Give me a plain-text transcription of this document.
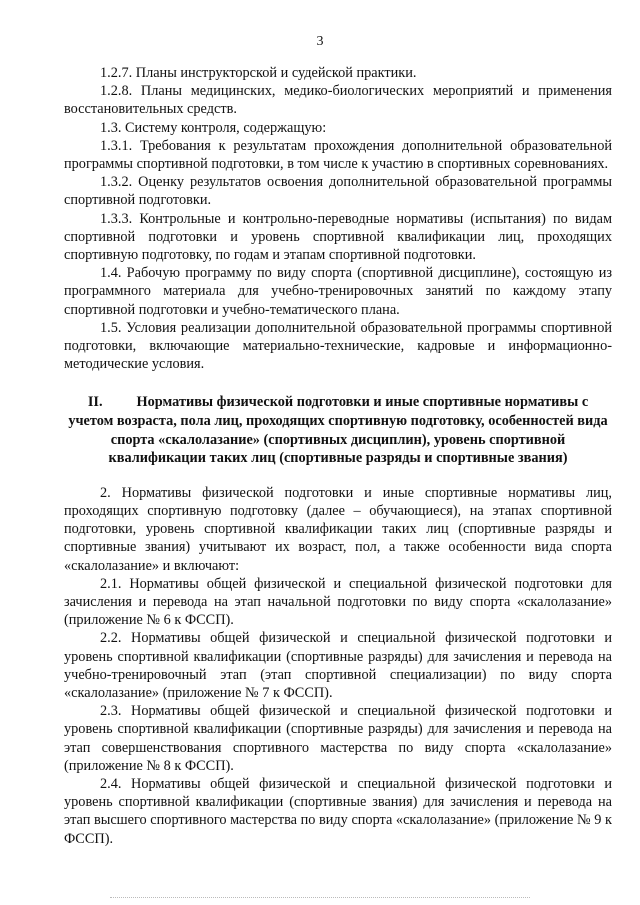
3

1.2.7. Планы инструкторской и судейской практики.

1.2.8. Планы медицинских, медико-биологических мероприятий и применения восстановительных средств.

1.3. Систему контроля, содержащую:

1.3.1. Требования к результатам прохождения дополнительной образовательной программы спортивной подготовки, в том числе к участию в спортивных соревнованиях.

1.3.2. Оценку результатов освоения дополнительной образовательной программы спортивной подготовки.

1.3.3. Контрольные и контрольно-переводные нормативы (испытания) по видам спортивной подготовки и уровень спортивной квалификации лиц, проходящих спортивную подготовку, по годам и этапам спортивной подготовки.

1.4. Рабочую программу по виду спорта (спортивной дисциплине), состоящую из программного материала для учебно-тренировочных занятий по каждому этапу спортивной подготовки и учебно-тематического плана.

1.5. Условия реализации дополнительной образовательной программы спортивной подготовки, включающие материально-технические, кадровые и информационно-методические условия.

II. Нормативы физической подготовки и иные спортивные нормативы с учетом возраста, пола лиц, проходящих спортивную подготовку, особенностей вида спорта «скалолазание» (спортивных дисциплин), уровень спортивной квалификации таких лиц (спортивные разряды и спортивные звания)

2. Нормативы физической подготовки и иные спортивные нормативы лиц, проходящих спортивную подготовку (далее – обучающиеся), на этапах спортивной подготовки, уровень спортивной квалификации таких лиц (спортивные разряды и спортивные звания) учитывают их возраст, пол, а также особенности вида спорта «скалолазание» и включают:

2.1. Нормативы общей физической и специальной физической подготовки для зачисления и перевода на этап начальной подготовки по виду спорта «скалолазание» (приложение № 6 к ФССП).

2.2. Нормативы общей физической и специальной физической подготовки и уровень спортивной квалификации (спортивные разряды) для зачисления и перевода на учебно-тренировочный этап (этап спортивной специализации) по виду спорта «скалолазание» (приложение № 7 к ФССП).

2.3. Нормативы общей физической и специальной физической подготовки и уровень спортивной квалификации (спортивные разряды) для зачисления и перевода на этап совершенствования спортивного мастерства по виду спорта «скалолазание» (приложение № 8 к ФССП).

2.4. Нормативы общей физической и специальной физической подготовки и уровень спортивной квалификации (спортивные звания) для зачисления и перевода на этап высшего спортивного мастерства по виду спорта «скалолазание» (приложение № 9 к ФССП).
